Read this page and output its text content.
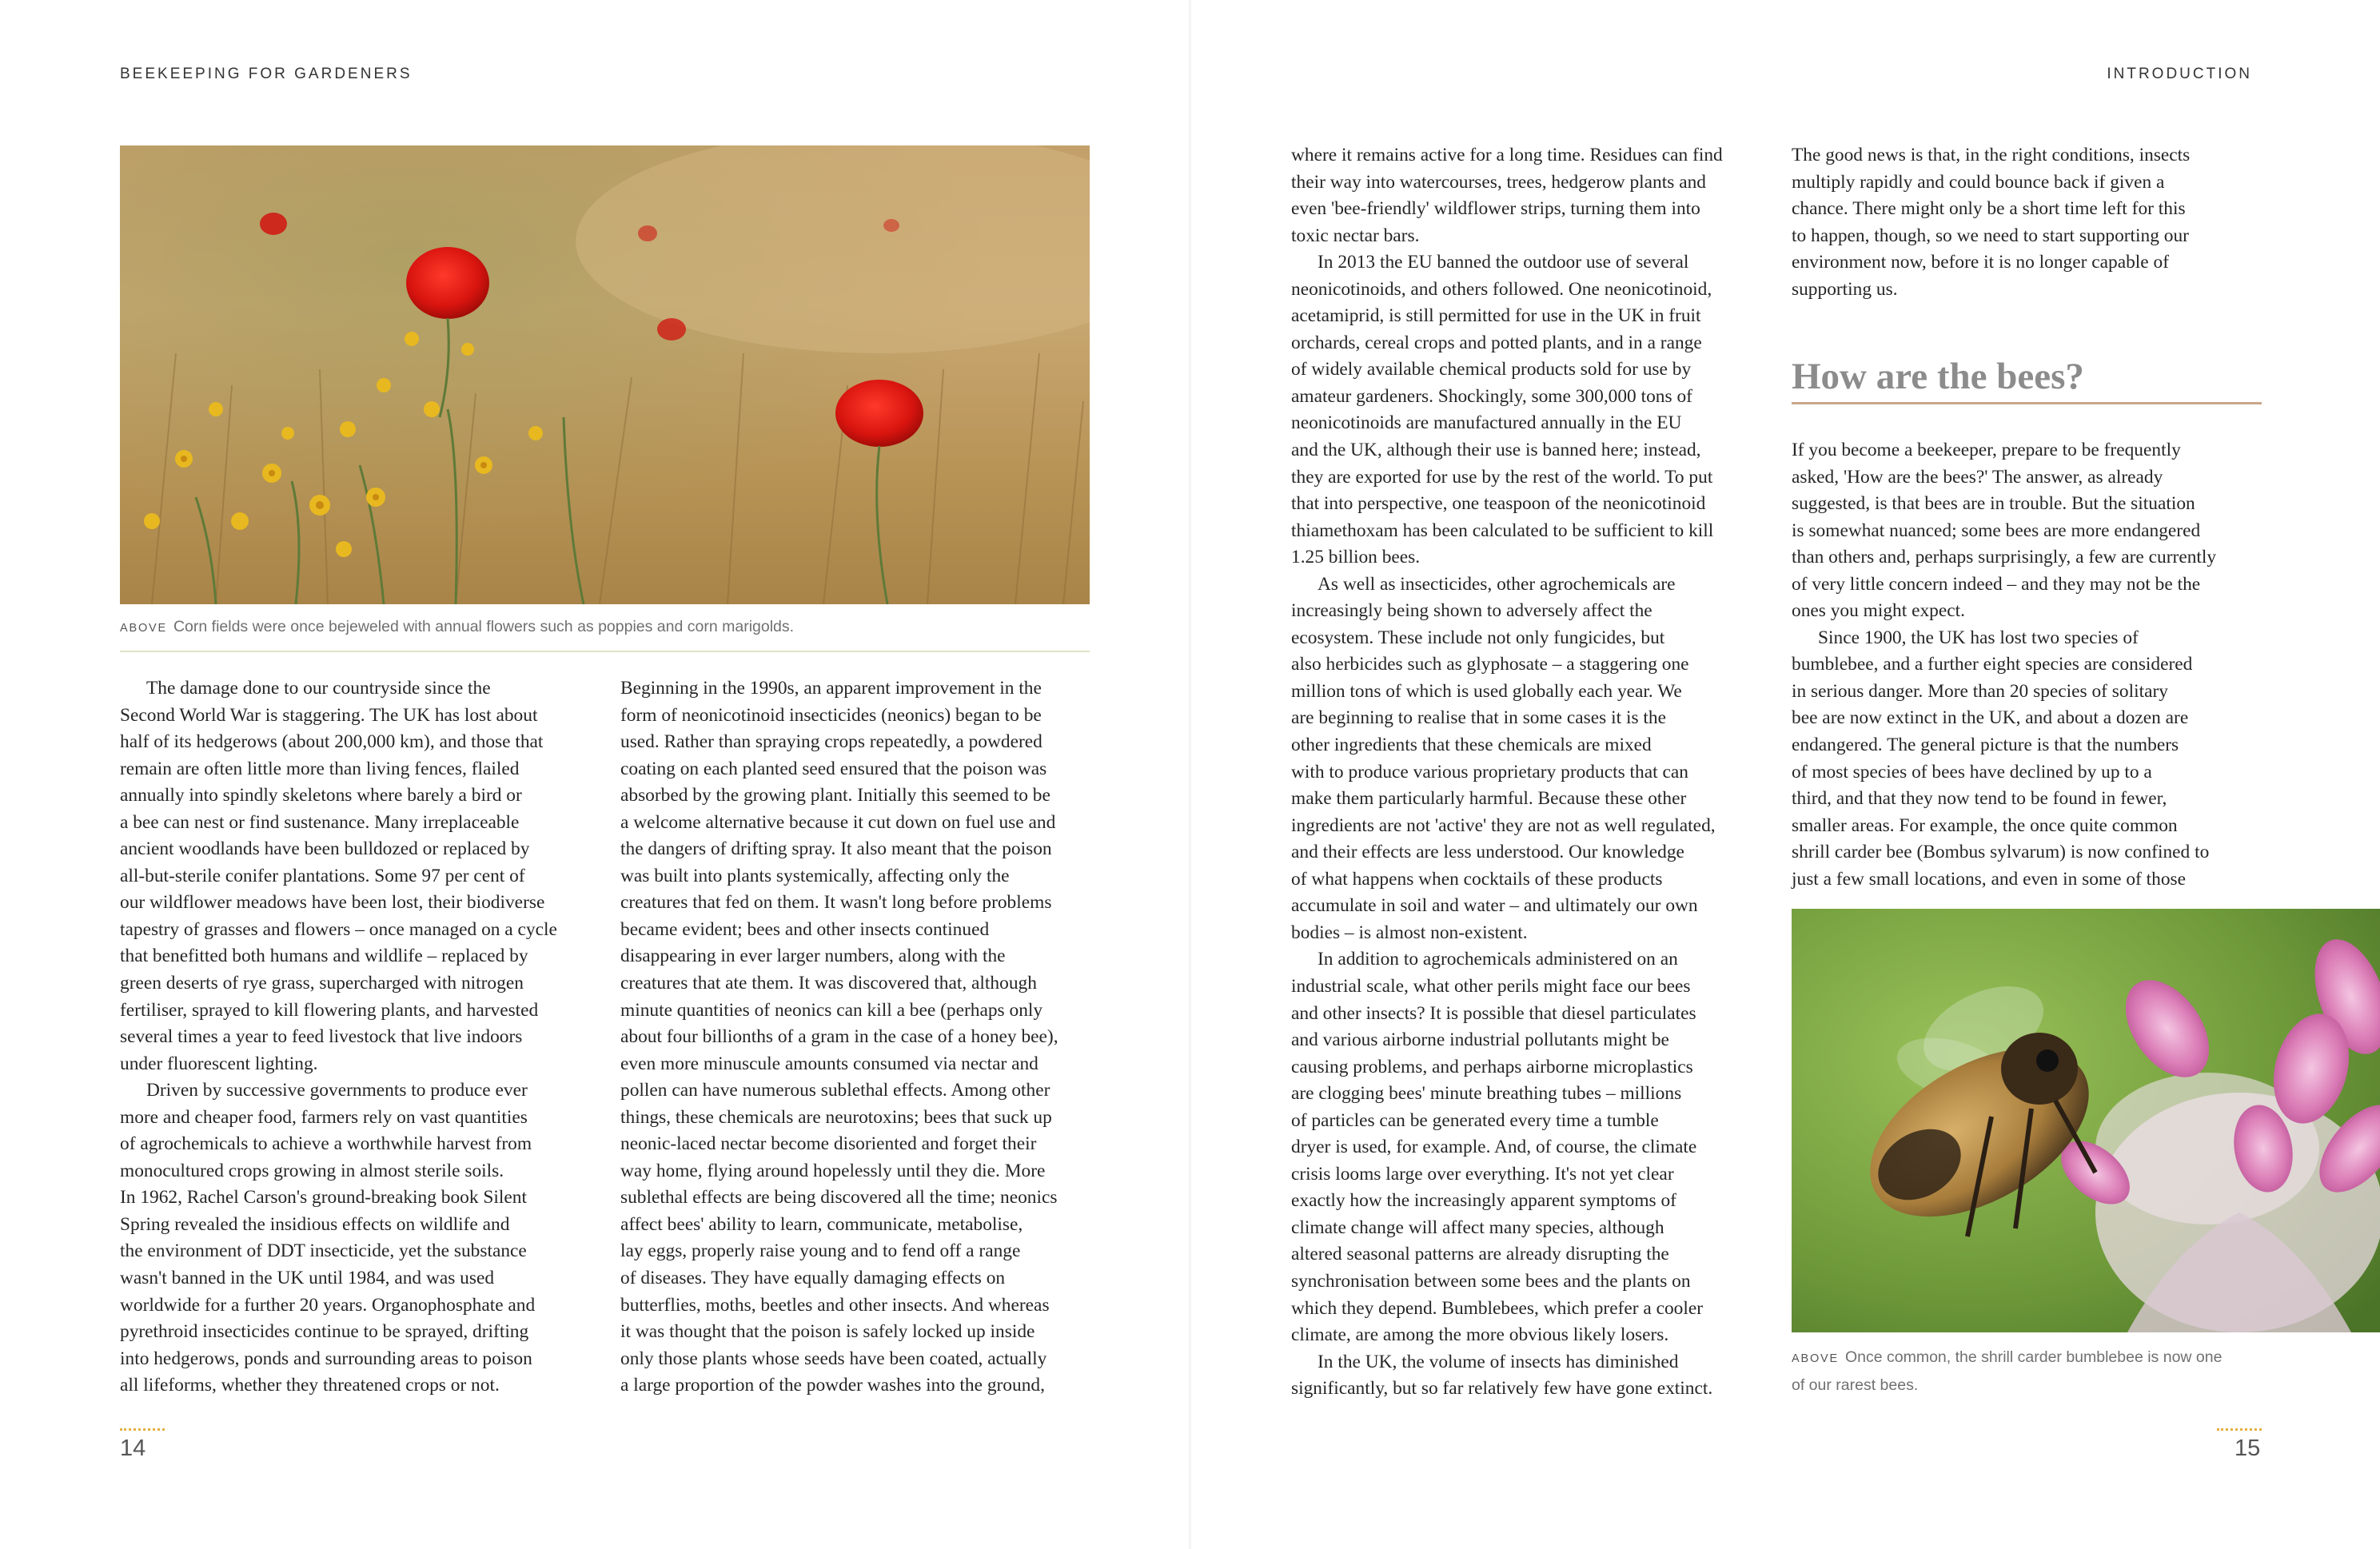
BEEKEEPING FOR GARDENERS
ABOVE Corn fields were once bejeweled with annual flowers such as poppies and corn marigolds.

The damage done to our countryside since the
Second World War is staggering. The UK has lost about
half of its hedgerows (about 200,000 km), and those that
remain are often little more than living fences, flailed
annually into spindly skeletons where barely a bird or
a bee can nest or find sustenance. Many irreplaceable
ancient woodlands have been bulldozed or replaced by
all-but-sterile conifer plantations. Some 97 per cent of
our wildflower meadows have been lost, their biodiverse
tapestry of grasses and flowers – once managed on a cycle
that benefitted both humans and wildlife – replaced by
green deserts of rye grass, supercharged with nitrogen
fertiliser, sprayed to kill flowering plants, and harvested
several times a year to feed livestock that live indoors
under fluorescent lighting.

Driven by successive governments to produce ever
more and cheaper food, farmers rely on vast quantities
of agrochemicals to achieve a worthwhile harvest from
monocultured crops growing in almost sterile soils.
In 1962, Rachel Carson's ground-breaking book Silent
Spring revealed the insidious effects on wildlife and
the environment of DDT insecticide, yet the substance
wasn't banned in the UK until 1984, and was used
worldwide for a further 20 years. Organophosphate and
pyrethroid insecticides continue to be sprayed, drifting
into hedgerows, ponds and surrounding areas to poison
all lifeforms, whether they threatened crops or not.

Beginning in the 1990s, an apparent improvement in the
form of neonicotinoid insecticides (neonics) began to be
used. Rather than spraying crops repeatedly, a powdered
coating on each planted seed ensured that the poison was
absorbed by the growing plant. Initially this seemed to be
a welcome alternative because it cut down on fuel use and
the dangers of drifting spray. It also meant that the poison
was built into plants systemically, affecting only the
creatures that fed on them. It wasn't long before problems
became evident; bees and other insects continued
disappearing in ever larger numbers, along with the
creatures that ate them. It was discovered that, although
minute quantities of neonics can kill a bee (perhaps only
about four billionths of a gram in the case of a honey bee),
even more minuscule amounts consumed via nectar and
pollen can have numerous sublethal effects. Among other
things, these chemicals are neurotoxins; bees that suck up
neonic-laced nectar become disoriented and forget their
way home, flying around hopelessly until they die. More
sublethal effects are being discovered all the time; neonics
affect bees' ability to learn, communicate, metabolise,
lay eggs, properly raise young and to fend off a range
of diseases. They have equally damaging effects on
butterflies, moths, beetles and other insects. And whereas
it was thought that the poison is safely locked up inside
only those plants whose seeds have been coated, actually
a large proportion of the powder washes into the ground,

14
INTRODUCTION

where it remains active for a long time. Residues can find
their way into watercourses, trees, hedgerow plants and
even 'bee-friendly' wildflower strips, turning them into
toxic nectar bars.

In 2013 the EU banned the outdoor use of several
neonicotinoids, and others followed. One neonicotinoid,
acetamiprid, is still permitted for use in the UK in fruit
orchards, cereal crops and potted plants, and in a range
of widely available chemical products sold for use by
amateur gardeners. Shockingly, some 300,000 tons of
neonicotinoids are manufactured annually in the EU
and the UK, although their use is banned here; instead,
they are exported for use by the rest of the world. To put
that into perspective, one teaspoon of the neonicotinoid
thiamethoxam has been calculated to be sufficient to kill
1.25 billion bees.

As well as insecticides, other agrochemicals are
increasingly being shown to adversely affect the
ecosystem. These include not only fungicides, but
also herbicides such as glyphosate – a staggering one
million tons of which is used globally each year. We
are beginning to realise that in some cases it is the
other ingredients that these chemicals are mixed
with to produce various proprietary products that can
make them particularly harmful. Because these other
ingredients are not 'active' they are not as well regulated,
and their effects are less understood. Our knowledge
of what happens when cocktails of these products
accumulate in soil and water – and ultimately our own
bodies – is almost non-existent.

In addition to agrochemicals administered on an
industrial scale, what other perils might face our bees
and other insects? It is possible that diesel particulates
and various airborne industrial pollutants might be
causing problems, and perhaps airborne microplastics
are clogging bees' minute breathing tubes – millions
of particles can be generated every time a tumble
dryer is used, for example. And, of course, the climate
crisis looms large over everything. It's not yet clear
exactly how the increasingly apparent symptoms of
climate change will affect many species, although
altered seasonal patterns are already disrupting the
synchronisation between some bees and the plants on
which they depend. Bumblebees, which prefer a cooler
climate, are among the more obvious likely losers.

In the UK, the volume of insects has diminished
significantly, but so far relatively few have gone extinct.

The good news is that, in the right conditions, insects
multiply rapidly and could bounce back if given a
chance. There might only be a short time left for this
to happen, though, so we need to start supporting our
environment now, before it is no longer capable of
supporting us.

How are the bees?

If you become a beekeeper, prepare to be frequently
asked, 'How are the bees?' The answer, as already
suggested, is that bees are in trouble. But the situation
is somewhat nuanced; some bees are more endangered
than others and, perhaps surprisingly, a few are currently
of very little concern indeed – and they may not be the
ones you might expect.

Since 1900, the UK has lost two species of
bumblebee, and a further eight species are considered
in serious danger. More than 20 species of solitary
bee are now extinct in the UK, and about a dozen are
endangered. The general picture is that the numbers
of most species of bees have declined by up to a
third, and that they now tend to be found in fewer,
smaller areas. For example, the once quite common
shrill carder bee (Bombus sylvarum) is now confined to
just a few small locations, and even in some of those

ABOVE Once common, the shrill carder bumblebee is now one
of our rarest bees.
15
